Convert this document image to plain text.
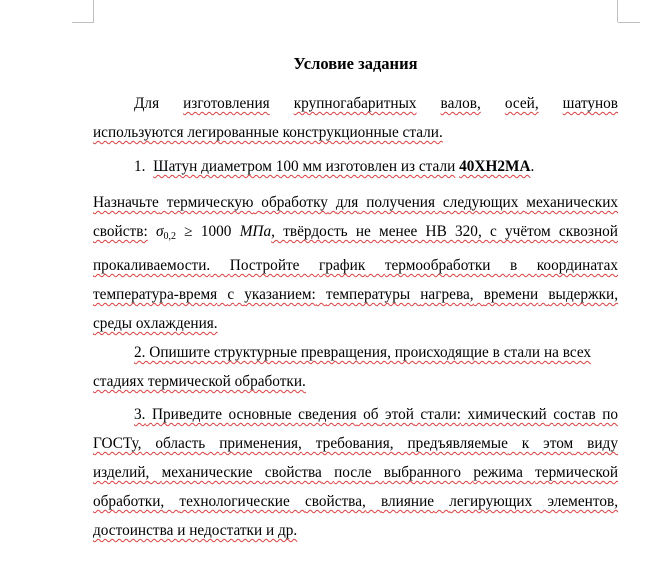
Условие задания
Для изготовления крупногабаритных валов, осей, шатунов
используются легированные конструкционные стали.
1. Шатун диаметром 100 мм изготовлен из стали 40ХН2МА.
Назначьте термическую обработку для получения следующих механических
свойств: $\sigma_{0,2} \ge 1000$ МПа, твёрдость не менее НВ 320, с учётом сквозной
прокаливаемости. Постройте график термообработки в координатах
температура-время с указанием: температуры нагрева, времени выдержки,
среды охлаждения.
2. Опишите структурные превращения, происходящие в стали на всех
стадиях термической обработки.
3. Приведите основные сведения об этой стали: химический состав по
ГОСТу, область применения, требования, предъявляемые к этом виду
изделий, механические свойства после выбранного режима термической
обработки, технологические свойства, влияние легирующих элементов,
достоинства и недостатки и др.
